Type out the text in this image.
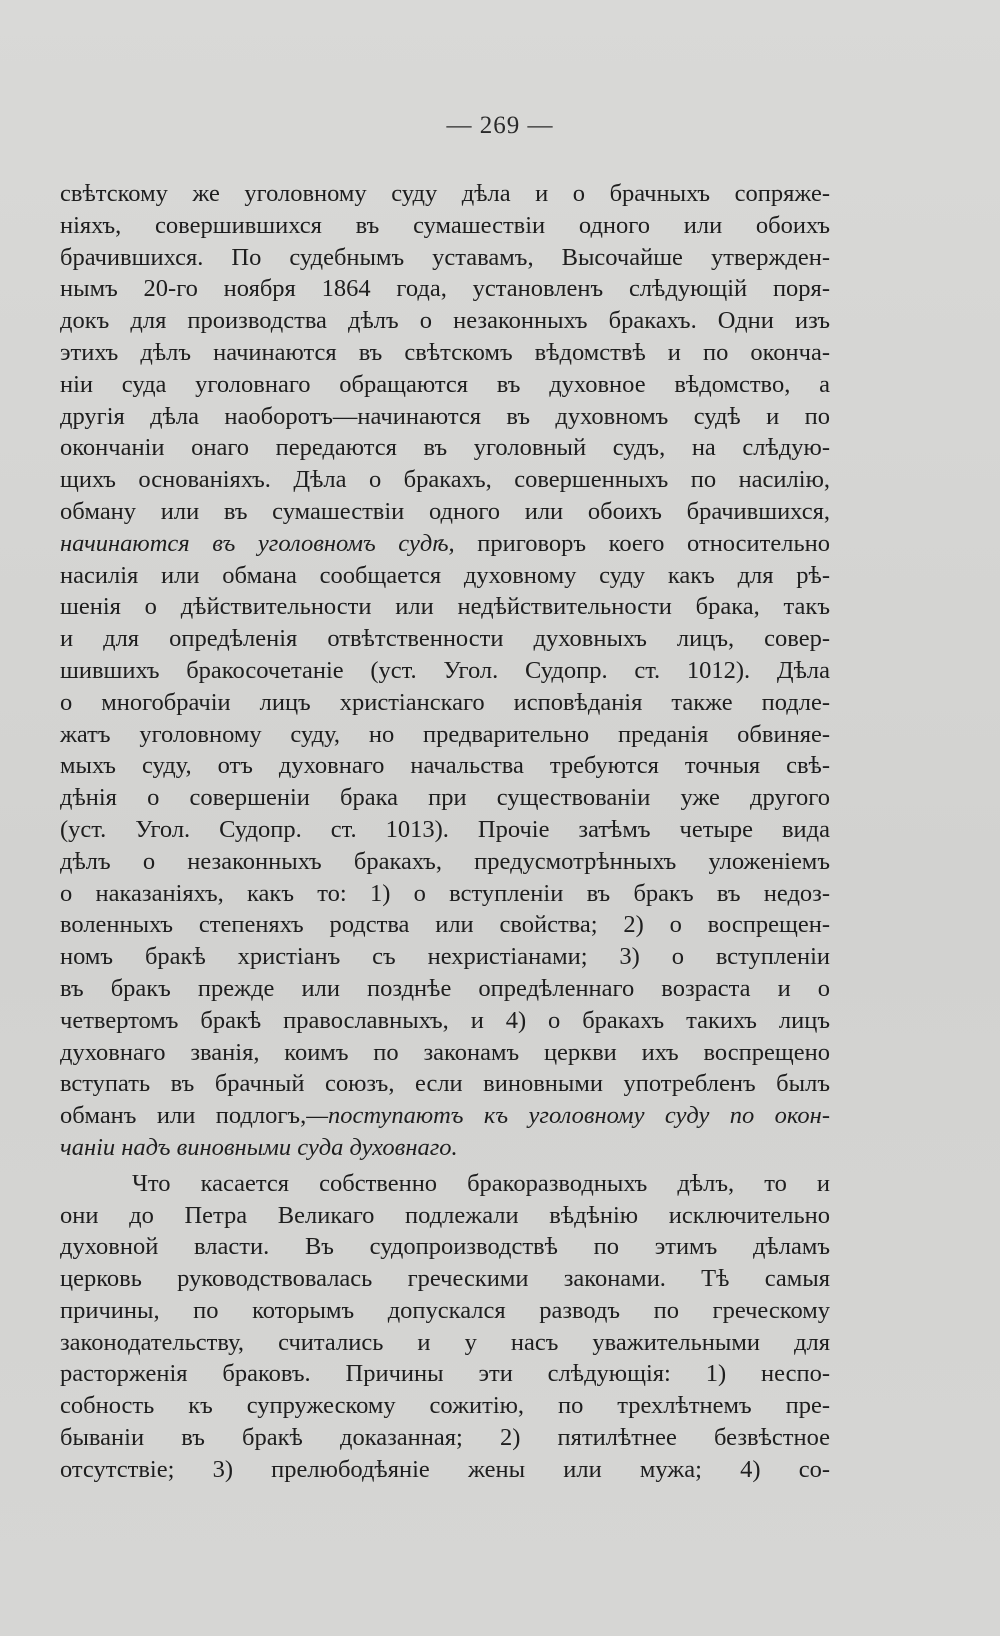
— 269 —
свѣтскому же уголовному суду дѣла и о брачныхъ сопряже-
ніяхъ, совершившихся въ сумашествіи одного или обоихъ
брачившихся. По судебнымъ уставамъ, Высочайше утвержден-
нымъ 20-го ноября 1864 года, установленъ слѣдующій поря-
докъ для производства дѣлъ о незаконныхъ бракахъ. Одни изъ
этихъ дѣлъ начинаются въ свѣтскомъ вѣдомствѣ и по оконча-
ніи суда уголовнаго обращаются въ духовное вѣдомство, а
другія дѣла наоборотъ—начинаются въ духовномъ судѣ и по
окончаніи онаго передаются въ уголовный судъ, на слѣдую-
щихъ основаніяхъ. Дѣла о бракахъ, совершенныхъ по насилію,
обману или въ сумашествіи одного или обоихъ брачившихся,
начинаются въ уголовномъ судѣ, приговоръ коего относительно
насилія или обмана сообщается духовному суду какъ для рѣ-
шенія о дѣйствительности или недѣйствительности брака, такъ
и для опредѣленія отвѣтственности духовныхъ лицъ, совер-
шившихъ бракосочетаніе (уст. Угол. Судопр. ст. 1012). Дѣла
о многобрачіи лицъ христіанскаго исповѣданія также подле-
жатъ уголовному суду, но предварительно преданія обвиняе-
мыхъ суду, отъ духовнаго начальства требуются точныя свѣ-
дѣнія о совершеніи брака при существованіи уже другого
(уст. Угол. Судопр. ст. 1013). Прочіе затѣмъ четыре вида
дѣлъ о незаконныхъ бракахъ, предусмотрѣнныхъ уложеніемъ
о наказаніяхъ, какъ то: 1) о вступленіи въ бракъ въ недоз-
воленныхъ степеняхъ родства или свойства; 2) о воспрещен-
номъ бракѣ христіанъ съ нехристіанами; 3) о вступленіи
въ бракъ прежде или позднѣе опредѣленнаго возраста и о
четвертомъ бракѣ православныхъ, и 4) о бракахъ такихъ лицъ
духовнаго званія, коимъ по законамъ церкви ихъ воспрещено
вступать въ брачный союзъ, если виновными употребленъ былъ
обманъ или подлогъ,—поступаютъ къ уголовному суду по окон-
чаніи надъ виновными суда духовнаго.
Что касается собственно бракоразводныхъ дѣлъ, то и
они до Петра Великаго подлежали вѣдѣнію исключительно
духовной власти. Въ судопроизводствѣ по этимъ дѣламъ
церковь руководствовалась греческими законами. Тѣ самыя
причины, по которымъ допускался разводъ по греческому
законодательству, считались и у насъ уважительными для
расторженія браковъ. Причины эти слѣдующія: 1) неспо-
собность къ супружескому сожитію, по трехлѣтнемъ пре-
быванiи въ бракѣ доказанная; 2) пятилѣтнее безвѣстное
отсутствіе; 3) прелюбодѣяніе жены или мужа; 4) со-
